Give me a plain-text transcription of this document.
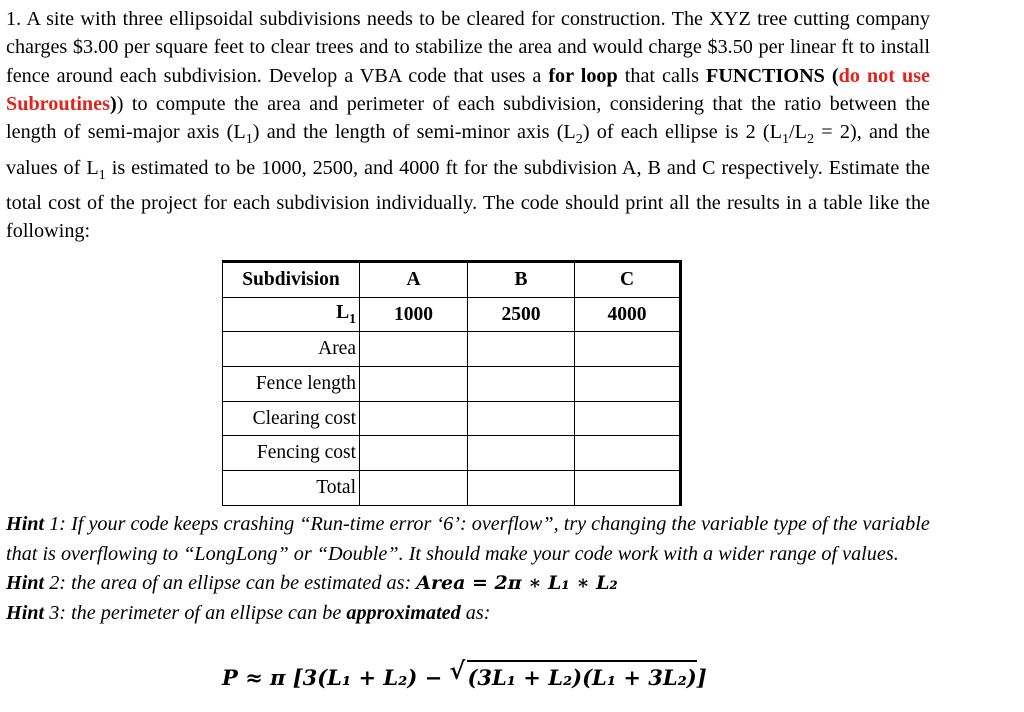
1. A site with three ellipsoidal subdivisions needs to be cleared for construction. The XYZ tree cutting company charges $3.00 per square feet to clear trees and to stabilize the area and would charge $3.50 per linear ft to install fence around each subdivision. Develop a VBA code that uses a for loop that calls FUNCTIONS (do not use Subroutines)) to compute the area and perimeter of each subdivision, considering that the ratio between the length of semi-major axis $(L_1)$ and the length of semi-minor axis $(L_2)$ of each ellipse is 2 $(L_1/L_2 = 2)$, and the values of $L_1$ is estimated to be 1000, 2500, and 4000 ft for the subdivision A, B and C respectively. Estimate the total cost of the project for each subdivision individually. The code should print all the results in a table like the following:
Subdivision	A	B	C
$L_1$	1000	2500	4000
Area			
Fence length			
Clearing cost			
Fencing cost			
Total			
Hint 1: If your code keeps crashing “Run-time error ‘6’: overflow”, try changing the variable type of the variable that is overflowing to “LongLong” or “Double”. It should make your code work with a wider range of values.
Hint 2: the area of an ellipse can be estimated as: Area = 2π ∗ L₁ ∗ L₂
Hint 3: the perimeter of an ellipse can be approximated as:
P ≈ π [3(L₁ + L₂) − √ (3L₁ + L₂)(L₁ + 3L₂)]
